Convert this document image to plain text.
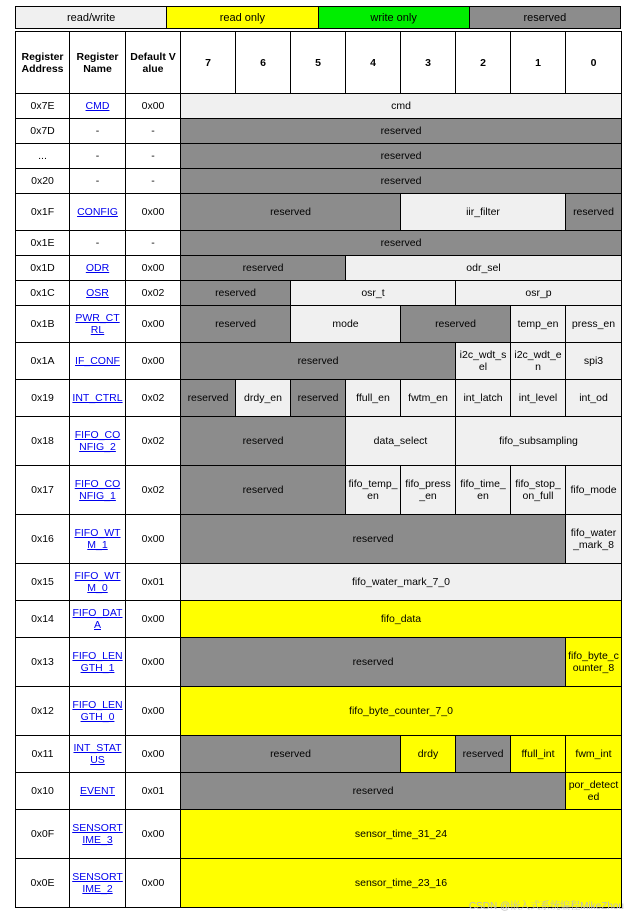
read/write	read only	write only	reserved
Register Address	Register Name	Default Value	7	6	5	4	3	2	1	0
0x7E	CMD	0x00	cmd							
0x7D	-	-	reserved							
...	-	-	reserved							
0x20	-	-	reserved							
0x1F	CONFIG	0x00	reserved				iir_filter			reserved
0x1E	-	-	reserved							
0x1D	ODR	0x00	reserved			odr_sel				
0x1C	OSR	0x02	reserved		osr_t			osr_p		
0x1B	PWR_CTRL	0x00	reserved		mode		reserved		temp_en	press_en
0x1A	IF_CONF	0x00	reserved					i2c_wdt_sel	i2c_wdt_en	spi3
0x19	INT_CTRL	0x02	reserved	drdy_en	reserved	ffull_en	fwtm_en	int_latch	int_level	int_od
0x18	FIFO_CONFIG_2	0x02	reserved			data_select		fifo_subsampling		
0x17	FIFO_CONFIG_1	0x02	reserved			fifo_temp_en	fifo_press_en	fifo_time_en	fifo_stop_on_full	fifo_mode
0x16	FIFO_WTM_1	0x00	reserved							fifo_water_mark_8
0x15	FIFO_WTM_0	0x01	fifo_water_mark_7_0							
0x14	FIFO_DATA	0x00	fifo_data							
0x13	FIFO_LENGTH_1	0x00	reserved							fifo_byte_counter_8
0x12	FIFO_LENGTH_0	0x00	fifo_byte_counter_7_0							
0x11	INT_STATUS	0x00	reserved				drdy	reserved	ffull_int	fwm_int
0x10	EVENT	0x01	reserved							por_detected
0x0F	SENSORTIME_3	0x00	sensor_time_31_24							
0x0E	SENSORTIME_2	0x00	sensor_time_23_16							
CSDN @嵌入式系统编程MikeZhou
